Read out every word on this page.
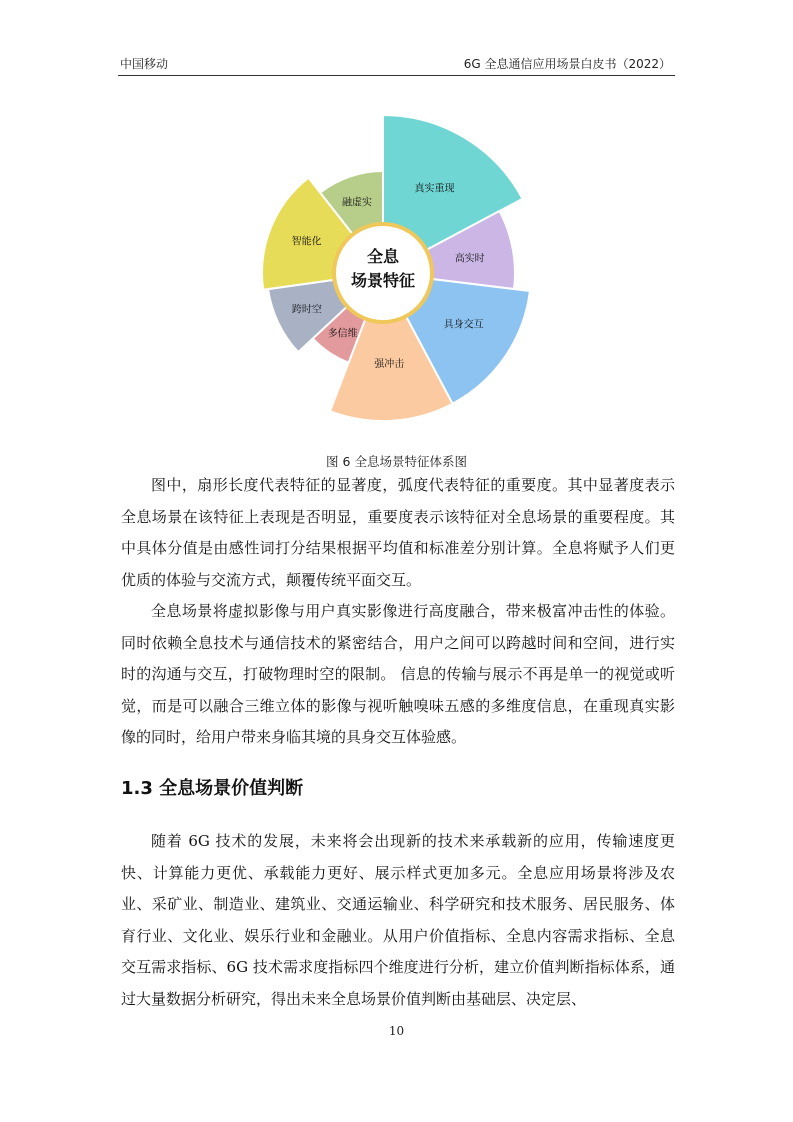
中国移动	6G 全息通信应用场景白皮书（2022）
全息
场景特征
真实重现
高实时
具身交互
强冲击
多信维
跨时空
智能化
融虚实
图 6 全息场景特征体系图

图中，扇形长度代表特征的显著度，弧度代表特征的重要度。其中显著度表示全息场景在该特征上表现是否明显，重要度表示该特征对全息场景的重要程度。其中具体分值是由感性词打分结果根据平均值和标准差分别计算。全息将赋予人们更优质的体验与交流方式，颠覆传统平面交互。

全息场景将虚拟影像与用户真实影像进行高度融合，带来极富冲击性的体验。同时依赖全息技术与通信技术的紧密结合，用户之间可以跨越时间和空间，进行实时的沟通与交互，打破物理时空的限制。 信息的传输与展示不再是单一的视觉或听觉，而是可以融合三维立体的影像与视听触嗅味五感的多维度信息，在重现真实影像的同时，给用户带来身临其境的具身交互体验感。

1.3 全息场景价值判断

随着 6G 技术的发展，未来将会出现新的技术来承载新的应用，传输速度更快、计算能力更优、承载能力更好、展示样式更加多元。全息应用场景将涉及农业、采矿业、制造业、建筑业、交通运输业、科学研究和技术服务、居民服务、体育行业、文化业、娱乐行业和金融业。从用户价值指标、全息内容需求指标、全息交互需求指标、6G 技术需求度指标四个维度进行分析，建立价值判断指标体系，通过大量数据分析研究，得出未来全息场景价值判断由基础层、决定层、

10
